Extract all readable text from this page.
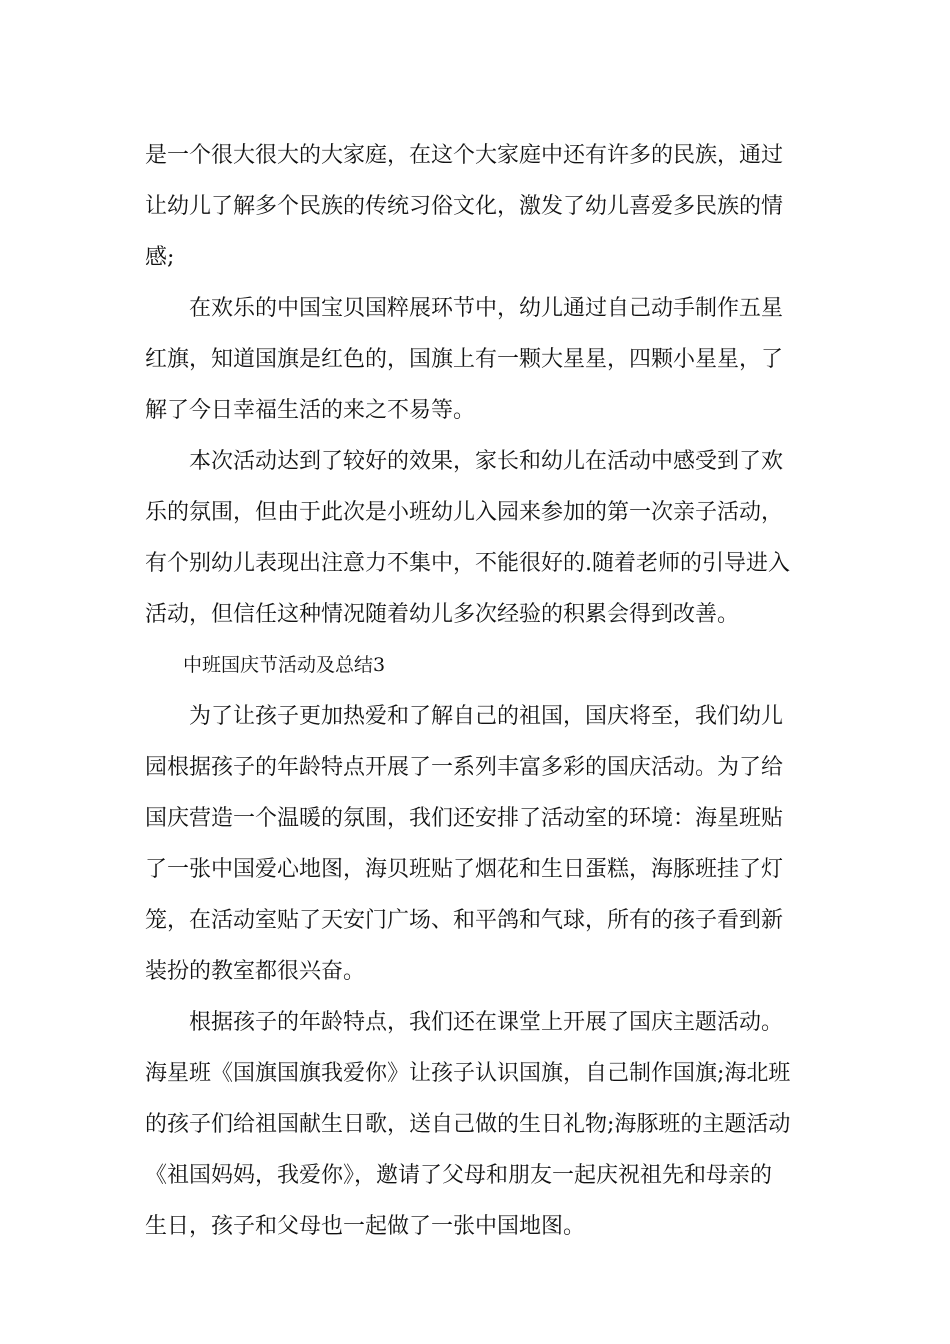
是一个很大很大的大家庭，在这个大家庭中还有许多的民族，通过
让幼儿了解多个民族的传统习俗文化，激发了幼儿喜爱多民族的情
感;
　　在欢乐的中国宝贝国粹展环节中，幼儿通过自己动手制作五星
红旗，知道国旗是红色的，国旗上有一颗大星星，四颗小星星，了
解了今日幸福生活的来之不易等。
　　本次活动达到了较好的效果，家长和幼儿在活动中感受到了欢
乐的氛围，但由于此次是小班幼儿入园来参加的第一次亲子活动，
有个别幼儿表现出注意力不集中，不能很好的.随着老师的引导进入
活动，但信任这种情况随着幼儿多次经验的积累会得到改善。
　　中班国庆节活动及总结3
　　为了让孩子更加热爱和了解自己的祖国，国庆将至，我们幼儿
园根据孩子的年龄特点开展了一系列丰富多彩的国庆活动。为了给
国庆营造一个温暖的氛围，我们还安排了活动室的环境：海星班贴
了一张中国爱心地图，海贝班贴了烟花和生日蛋糕，海豚班挂了灯
笼，在活动室贴了天安门广场、和平鸽和气球，所有的孩子看到新
装扮的教室都很兴奋。
　　根据孩子的年龄特点，我们还在课堂上开展了国庆主题活动。
海星班《国旗国旗我爱你》让孩子认识国旗，自己制作国旗;海北班
的孩子们给祖国献生日歌，送自己做的生日礼物;海豚班的主题活动
《祖国妈妈，我爱你》，邀请了父母和朋友一起庆祝祖先和母亲的
生日，孩子和父母也一起做了一张中国地图。
